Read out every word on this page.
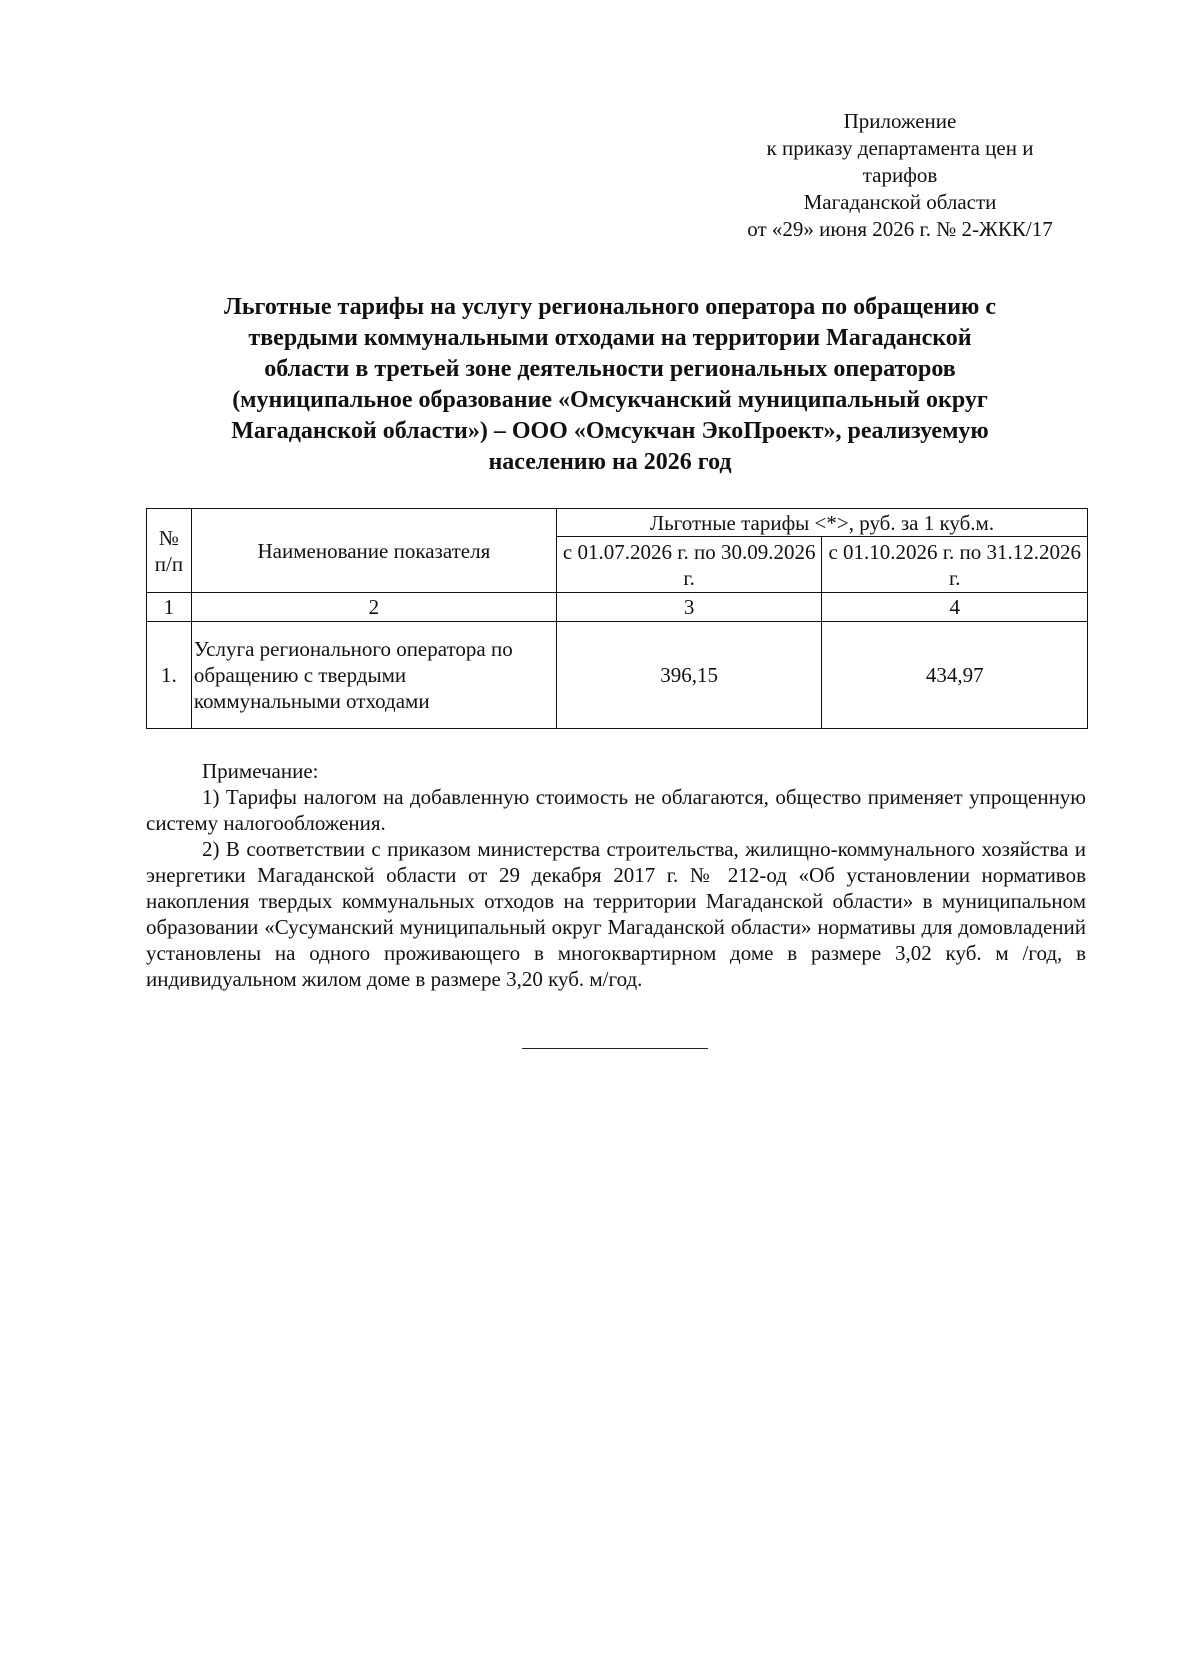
Приложение
к приказу департамента цен и
тарифов
Магаданской области
от «29» июня 2026 г. № 2-ЖКК/17
Льготные тарифы на услугу регионального оператора по обращению с
твердыми коммунальными отходами на территории Магаданской
области в третьей зоне деятельности региональных операторов
(муниципальное образование «Омсукчанский муниципальный округ
Магаданской области») – ООО «Омсукчан ЭкоПроект», реализуемую
населению на 2026 год
№ п/п	Наименование показателя	Льготные тарифы <*>, руб. за 1 куб.м.	
		с 01.07.2026 г. по 30.09.2026 г.	с 01.10.2026 г. по 31.12.2026 г.
1	2	3	4
1.	Услуга регионального оператора по обращению с твердыми коммунальными отходами	396,15	434,97
Примечание:

1) Тарифы налогом на добавленную стоимость не облагаются, общество применяет упрощенную систему налогообложения.

2) В соответствии с приказом министерства строительства, жилищно-коммунального хозяйства и энергетики Магаданской области от 29 декабря 2017 г. № 212-од «Об установлении нормативов накопления твердых коммунальных отходов на территории Магаданской области» в муниципальном образовании «Сусуманский муниципальный округ Магаданской области» нормативы для домовладений установлены на одного проживающего в многоквартирном доме в размере 3,02 куб. м /год, в индивидуальном жилом доме в размере 3,20 куб. м/год.
